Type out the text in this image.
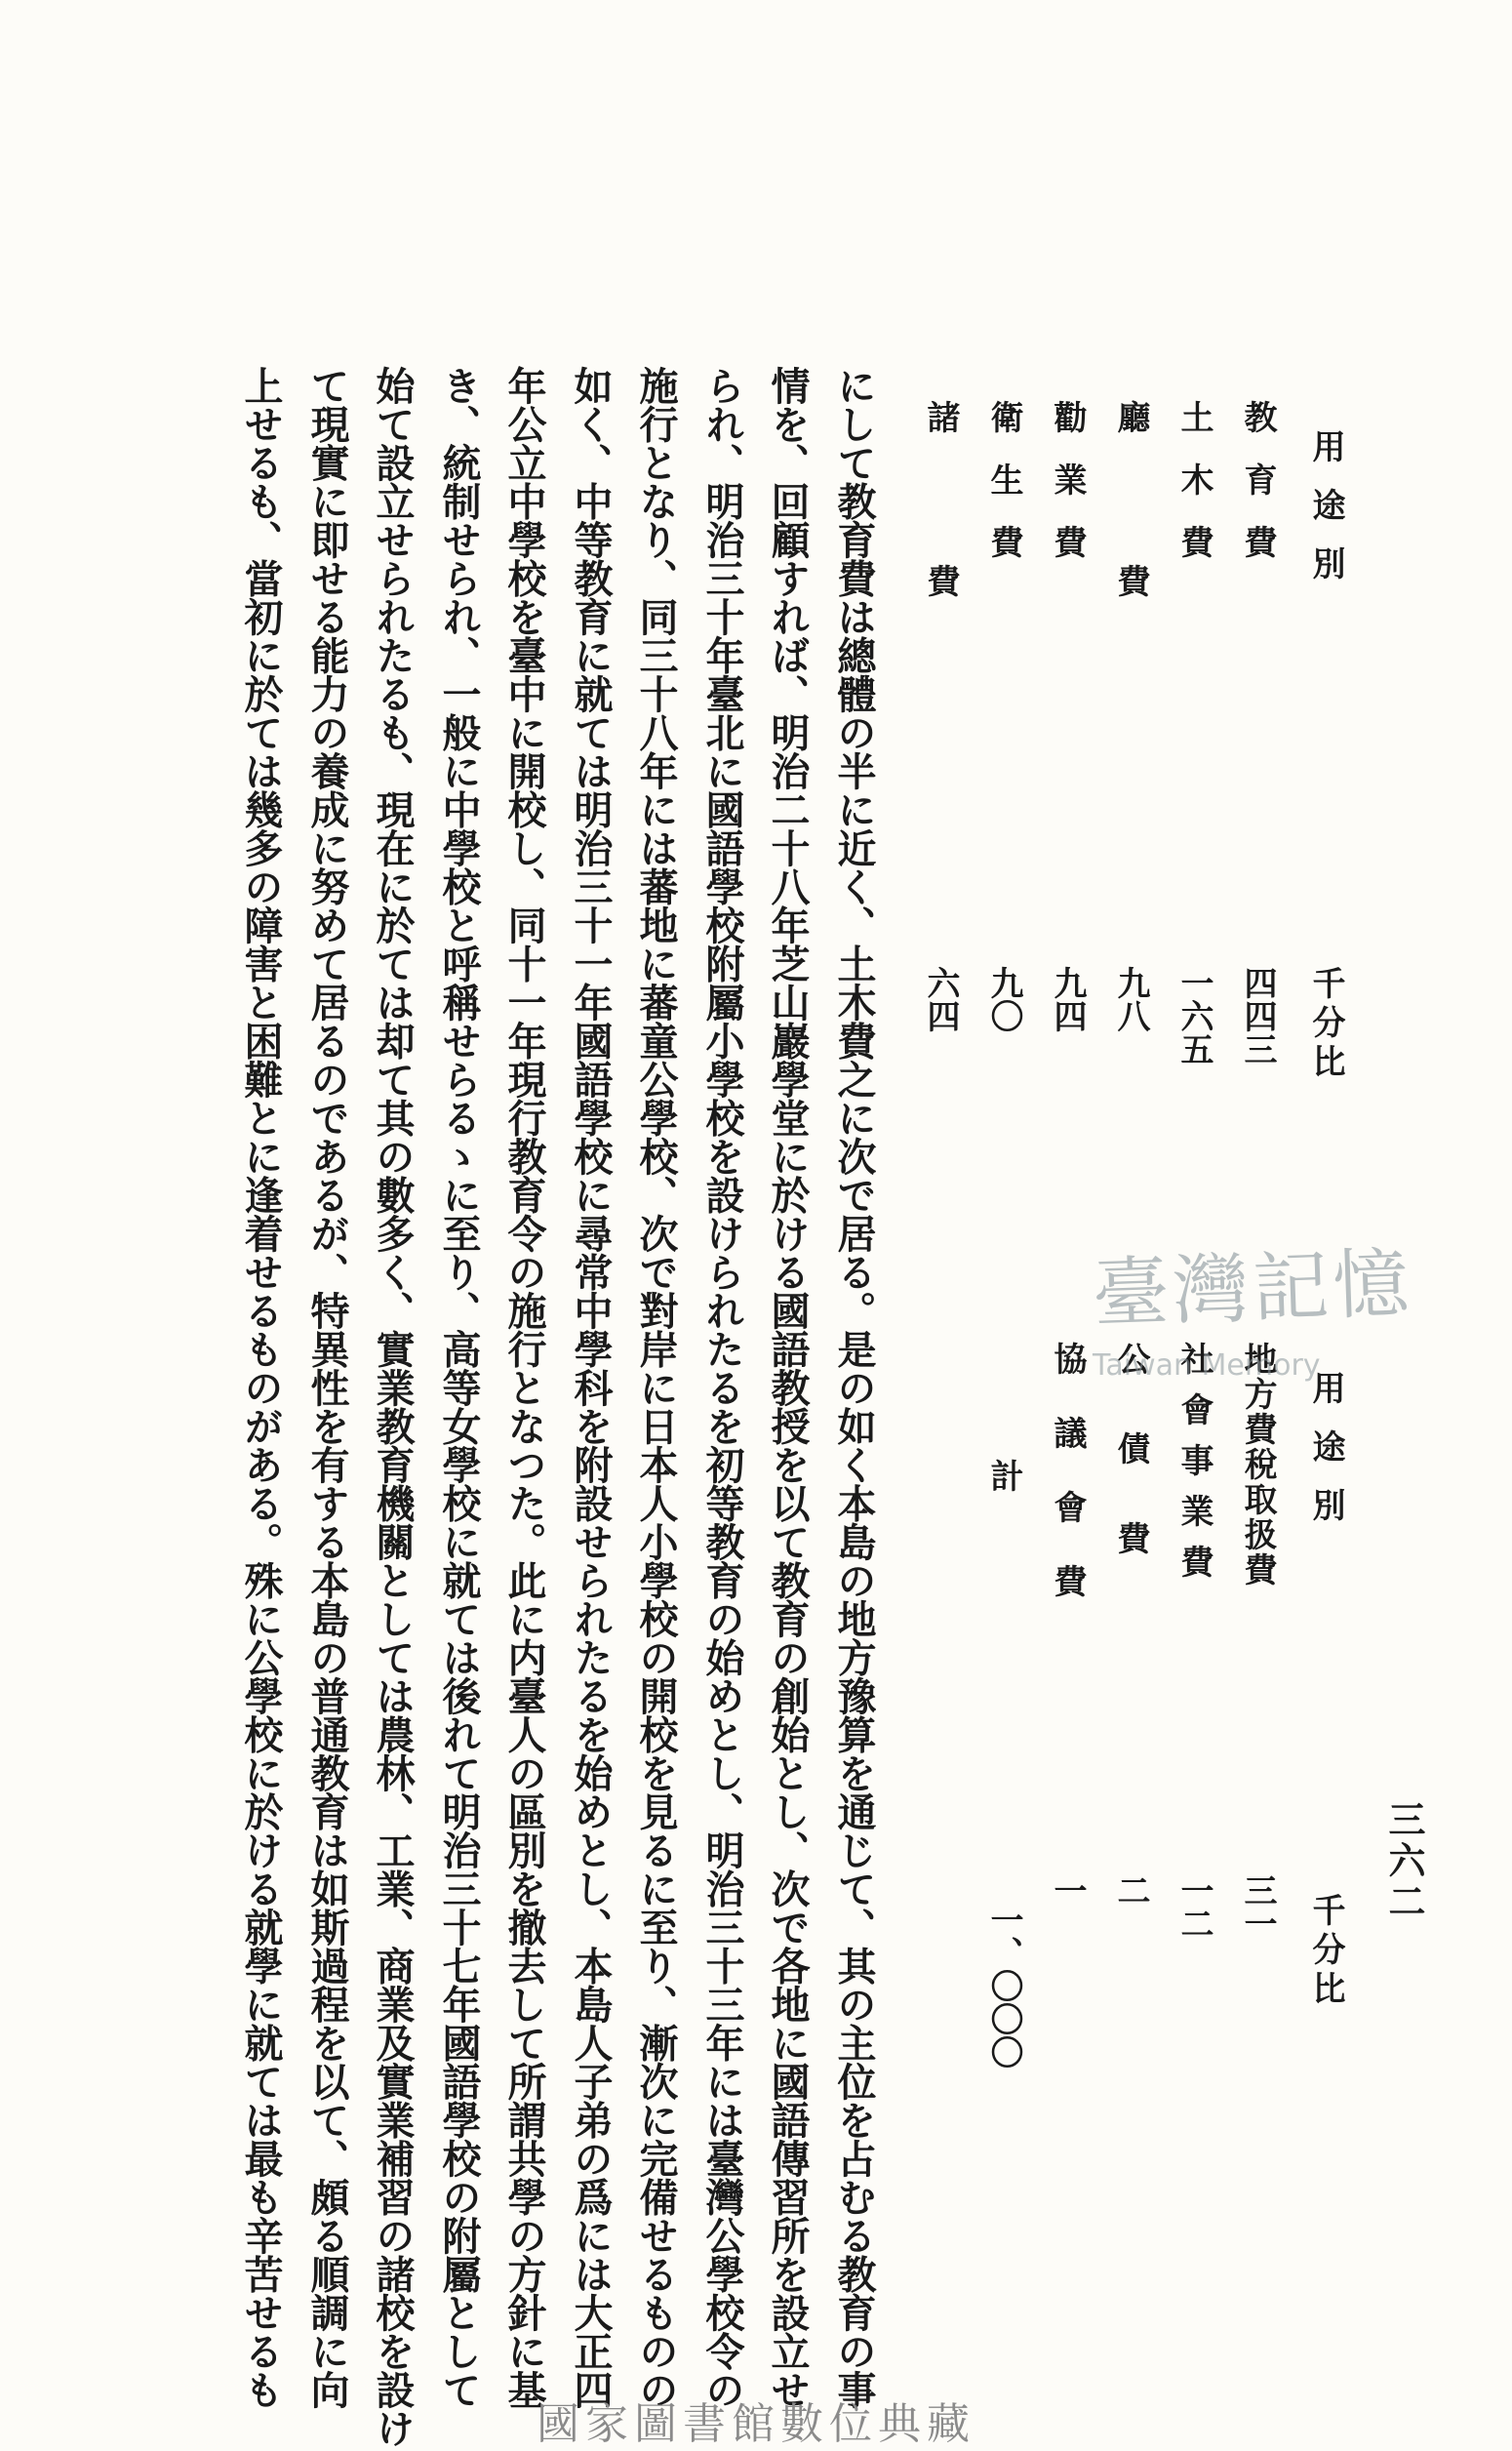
三六二
用途別
千分比
用途別
千分比
教育費
四四三
土木費
一六五
廳費
九八
勸業費
九四
衛生費
九〇
諸費
六四
地方費稅取扱費
三一
社會事業費
一二
公債費
二
協議會費
一
計
一、〇〇〇
臺灣記憶
Taiwan Memory
にして教育費は總體の半に近く、土木費之に次で居る。是の如く本島の地方豫算を通じて、其の主位を占むる教育の事
情を、回顧すれば、明治二十八年芝山巖學堂に於ける國語教授を以て教育の創始とし、次で各地に國語傳習所を設立せ
られ、明治三十年臺北に國語學校附屬小學校を設けられたるを初等教育の始めとし、明治三十三年には臺灣公學校令の
施行となり、同三十八年には蕃地に蕃童公學校、次で對岸に日本人小學校の開校を見るに至り、漸次に完備せるものの
如く、中等教育に就ては明治三十一年國語學校に尋常中學科を附設せられたるを始めとし、本島人子弟の爲には大正四
年公立中學校を臺中に開校し、同十一年現行教育令の施行となつた。此に内臺人の區別を撤去して所謂共學の方針に基
き、統制せられ、一般に中學校と呼稱せらるゝに至り、高等女學校に就ては後れて明治三十七年國語學校の附屬として
始て設立せられたるも、現在に於ては却て其の數多く、實業教育機關としては農林、工業、商業及實業補習の諸校を設け
て現實に即せる能力の養成に努めて居るのであるが、特異性を有する本島の普通教育は如斯過程を以て、頗る順調に向
上せるも、當初に於ては幾多の障害と困難とに逢着せるものがある。殊に公學校に於ける就學に就ては最も辛苦せるも
國家圖書館數位典藏
